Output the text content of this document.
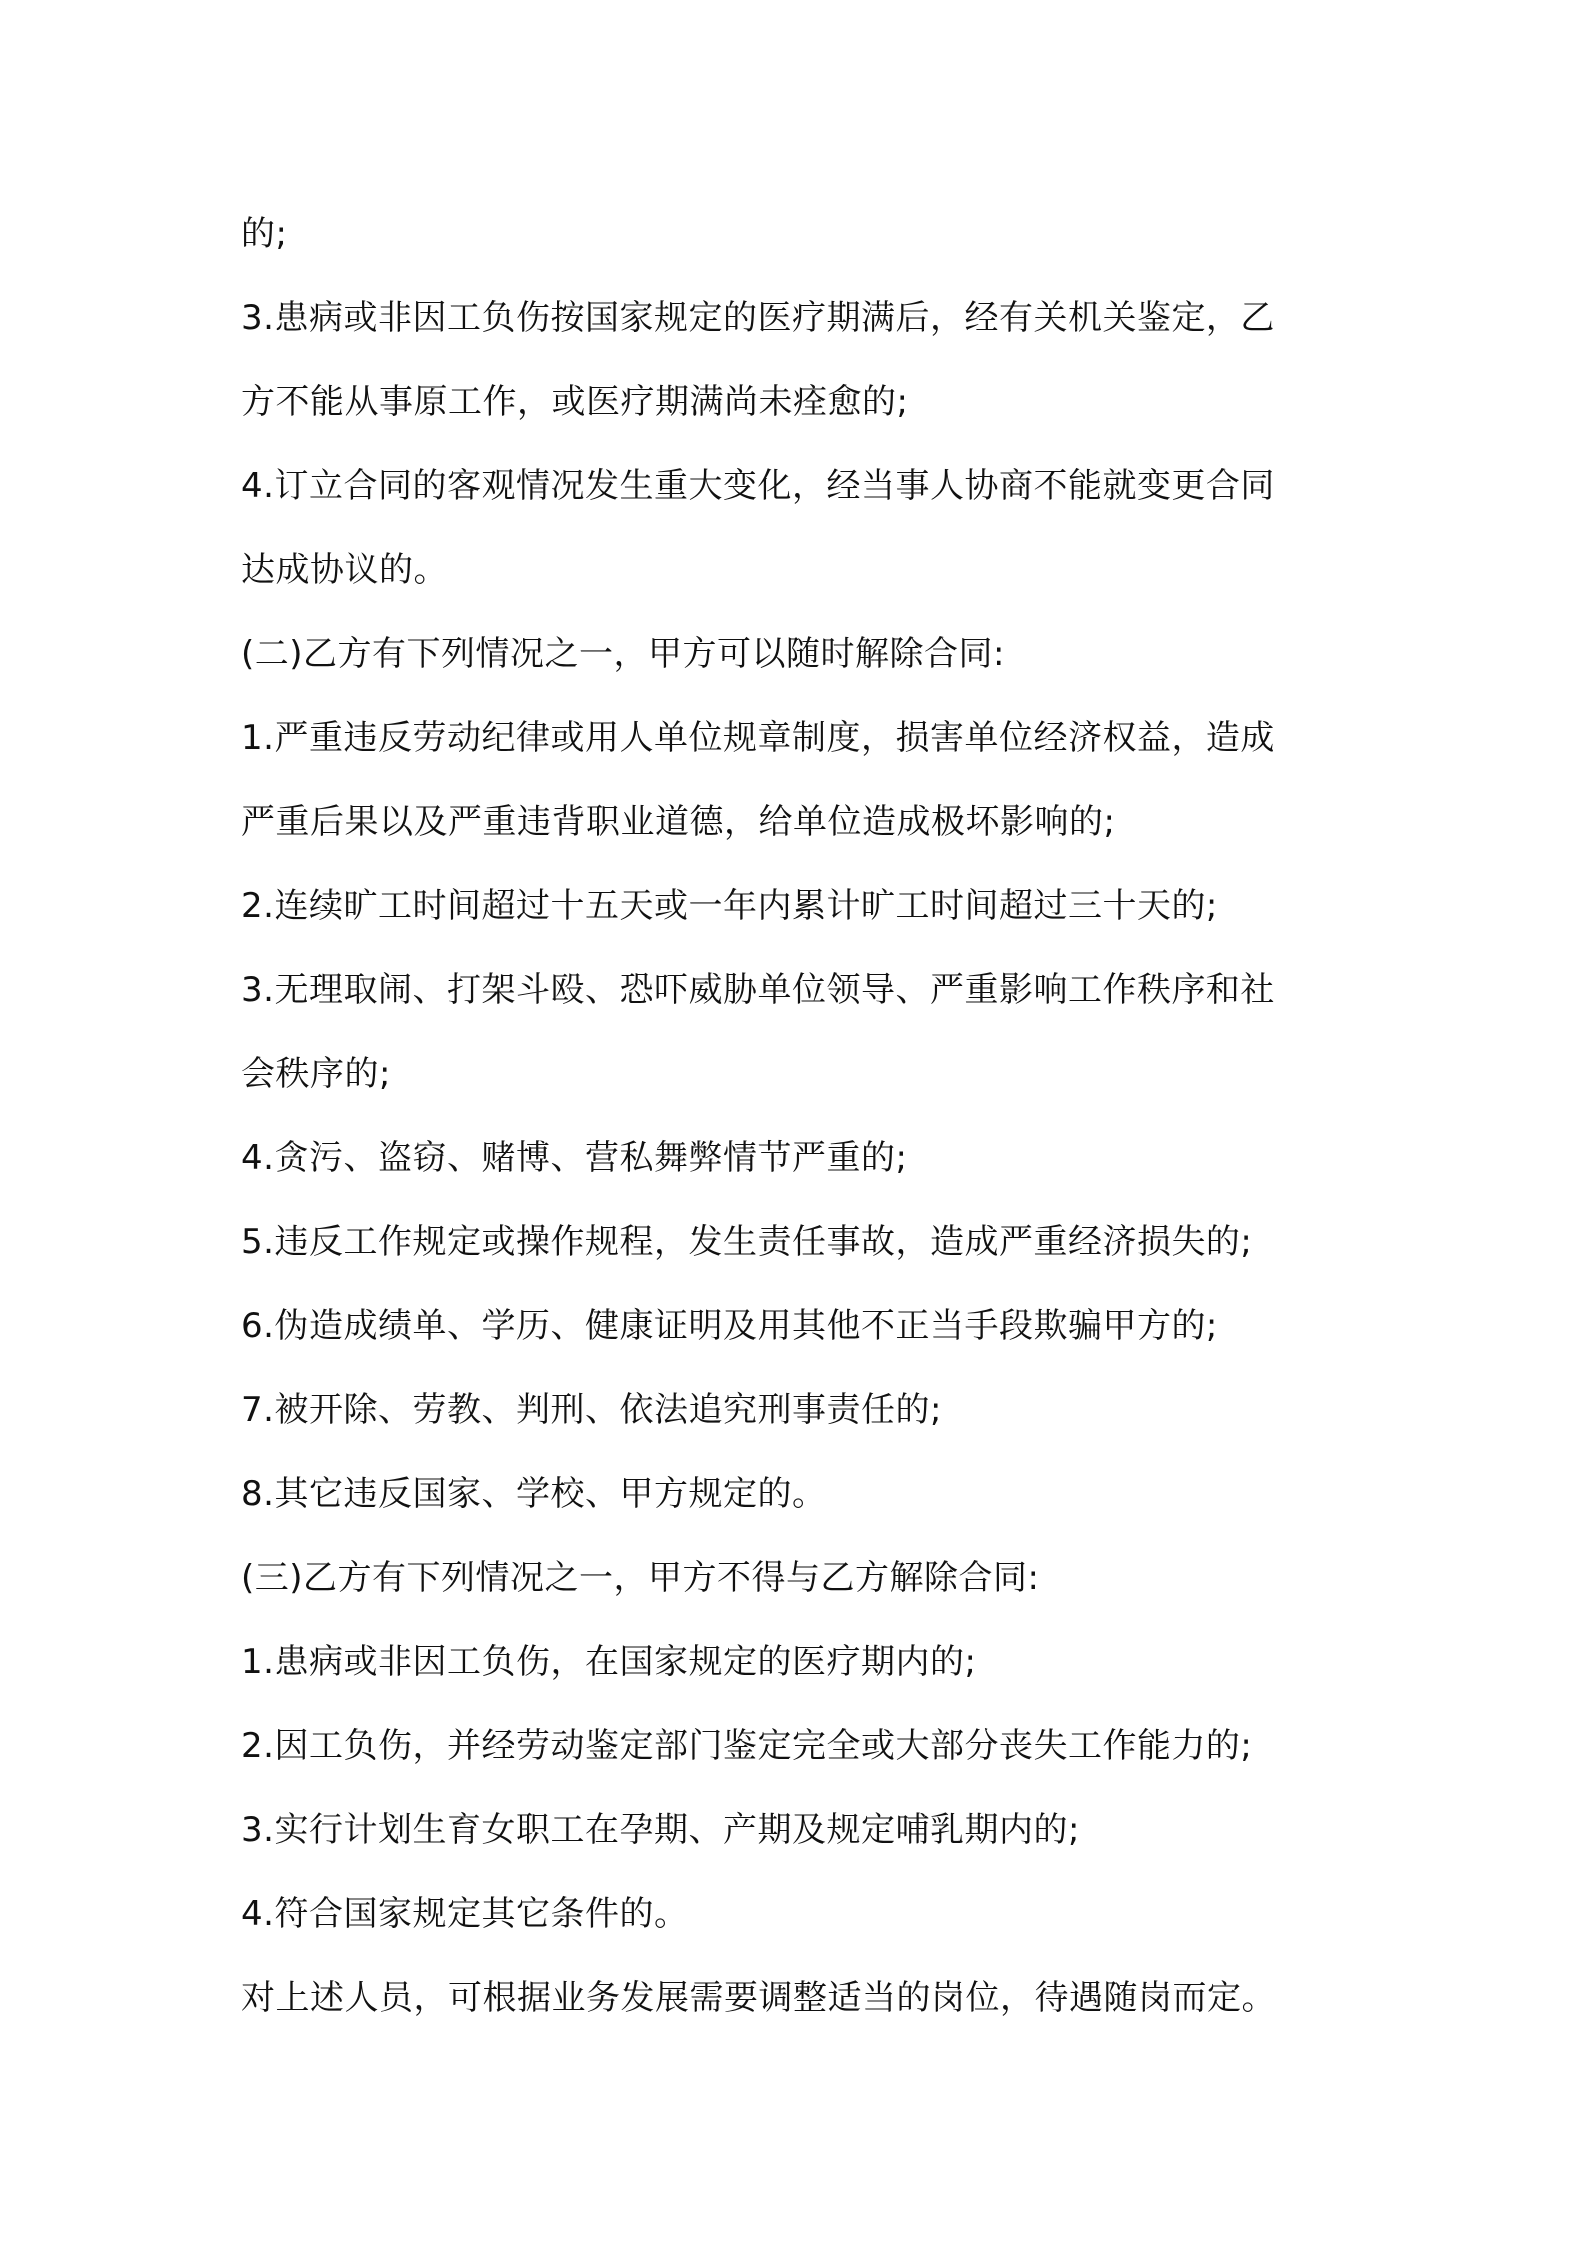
的;
3.患病或非因工负伤按国家规定的医疗期满后，经有关机关鉴定，乙
方不能从事原工作，或医疗期满尚未痊愈的;
4.订立合同的客观情况发生重大变化，经当事人协商不能就变更合同
达成协议的。
(二)乙方有下列情况之一，甲方可以随时解除合同:
1.严重违反劳动纪律或用人单位规章制度，损害单位经济权益，造成
严重后果以及严重违背职业道德，给单位造成极坏影响的;
2.连续旷工时间超过十五天或一年内累计旷工时间超过三十天的;
3.无理取闹、打架斗殴、恐吓威胁单位领导、严重影响工作秩序和社
会秩序的;
4.贪污、盗窃、赌博、营私舞弊情节严重的;
5.违反工作规定或操作规程，发生责任事故，造成严重经济损失的;
6.伪造成绩单、学历、健康证明及用其他不正当手段欺骗甲方的;
7.被开除、劳教、判刑、依法追究刑事责任的;
8.其它违反国家、学校、甲方规定的。
(三)乙方有下列情况之一，甲方不得与乙方解除合同:
1.患病或非因工负伤，在国家规定的医疗期内的;
2.因工负伤，并经劳动鉴定部门鉴定完全或大部分丧失工作能力的;
3.实行计划生育女职工在孕期、产期及规定哺乳期内的;
4.符合国家规定其它条件的。
对上述人员，可根据业务发展需要调整适当的岗位，待遇随岗而定。
